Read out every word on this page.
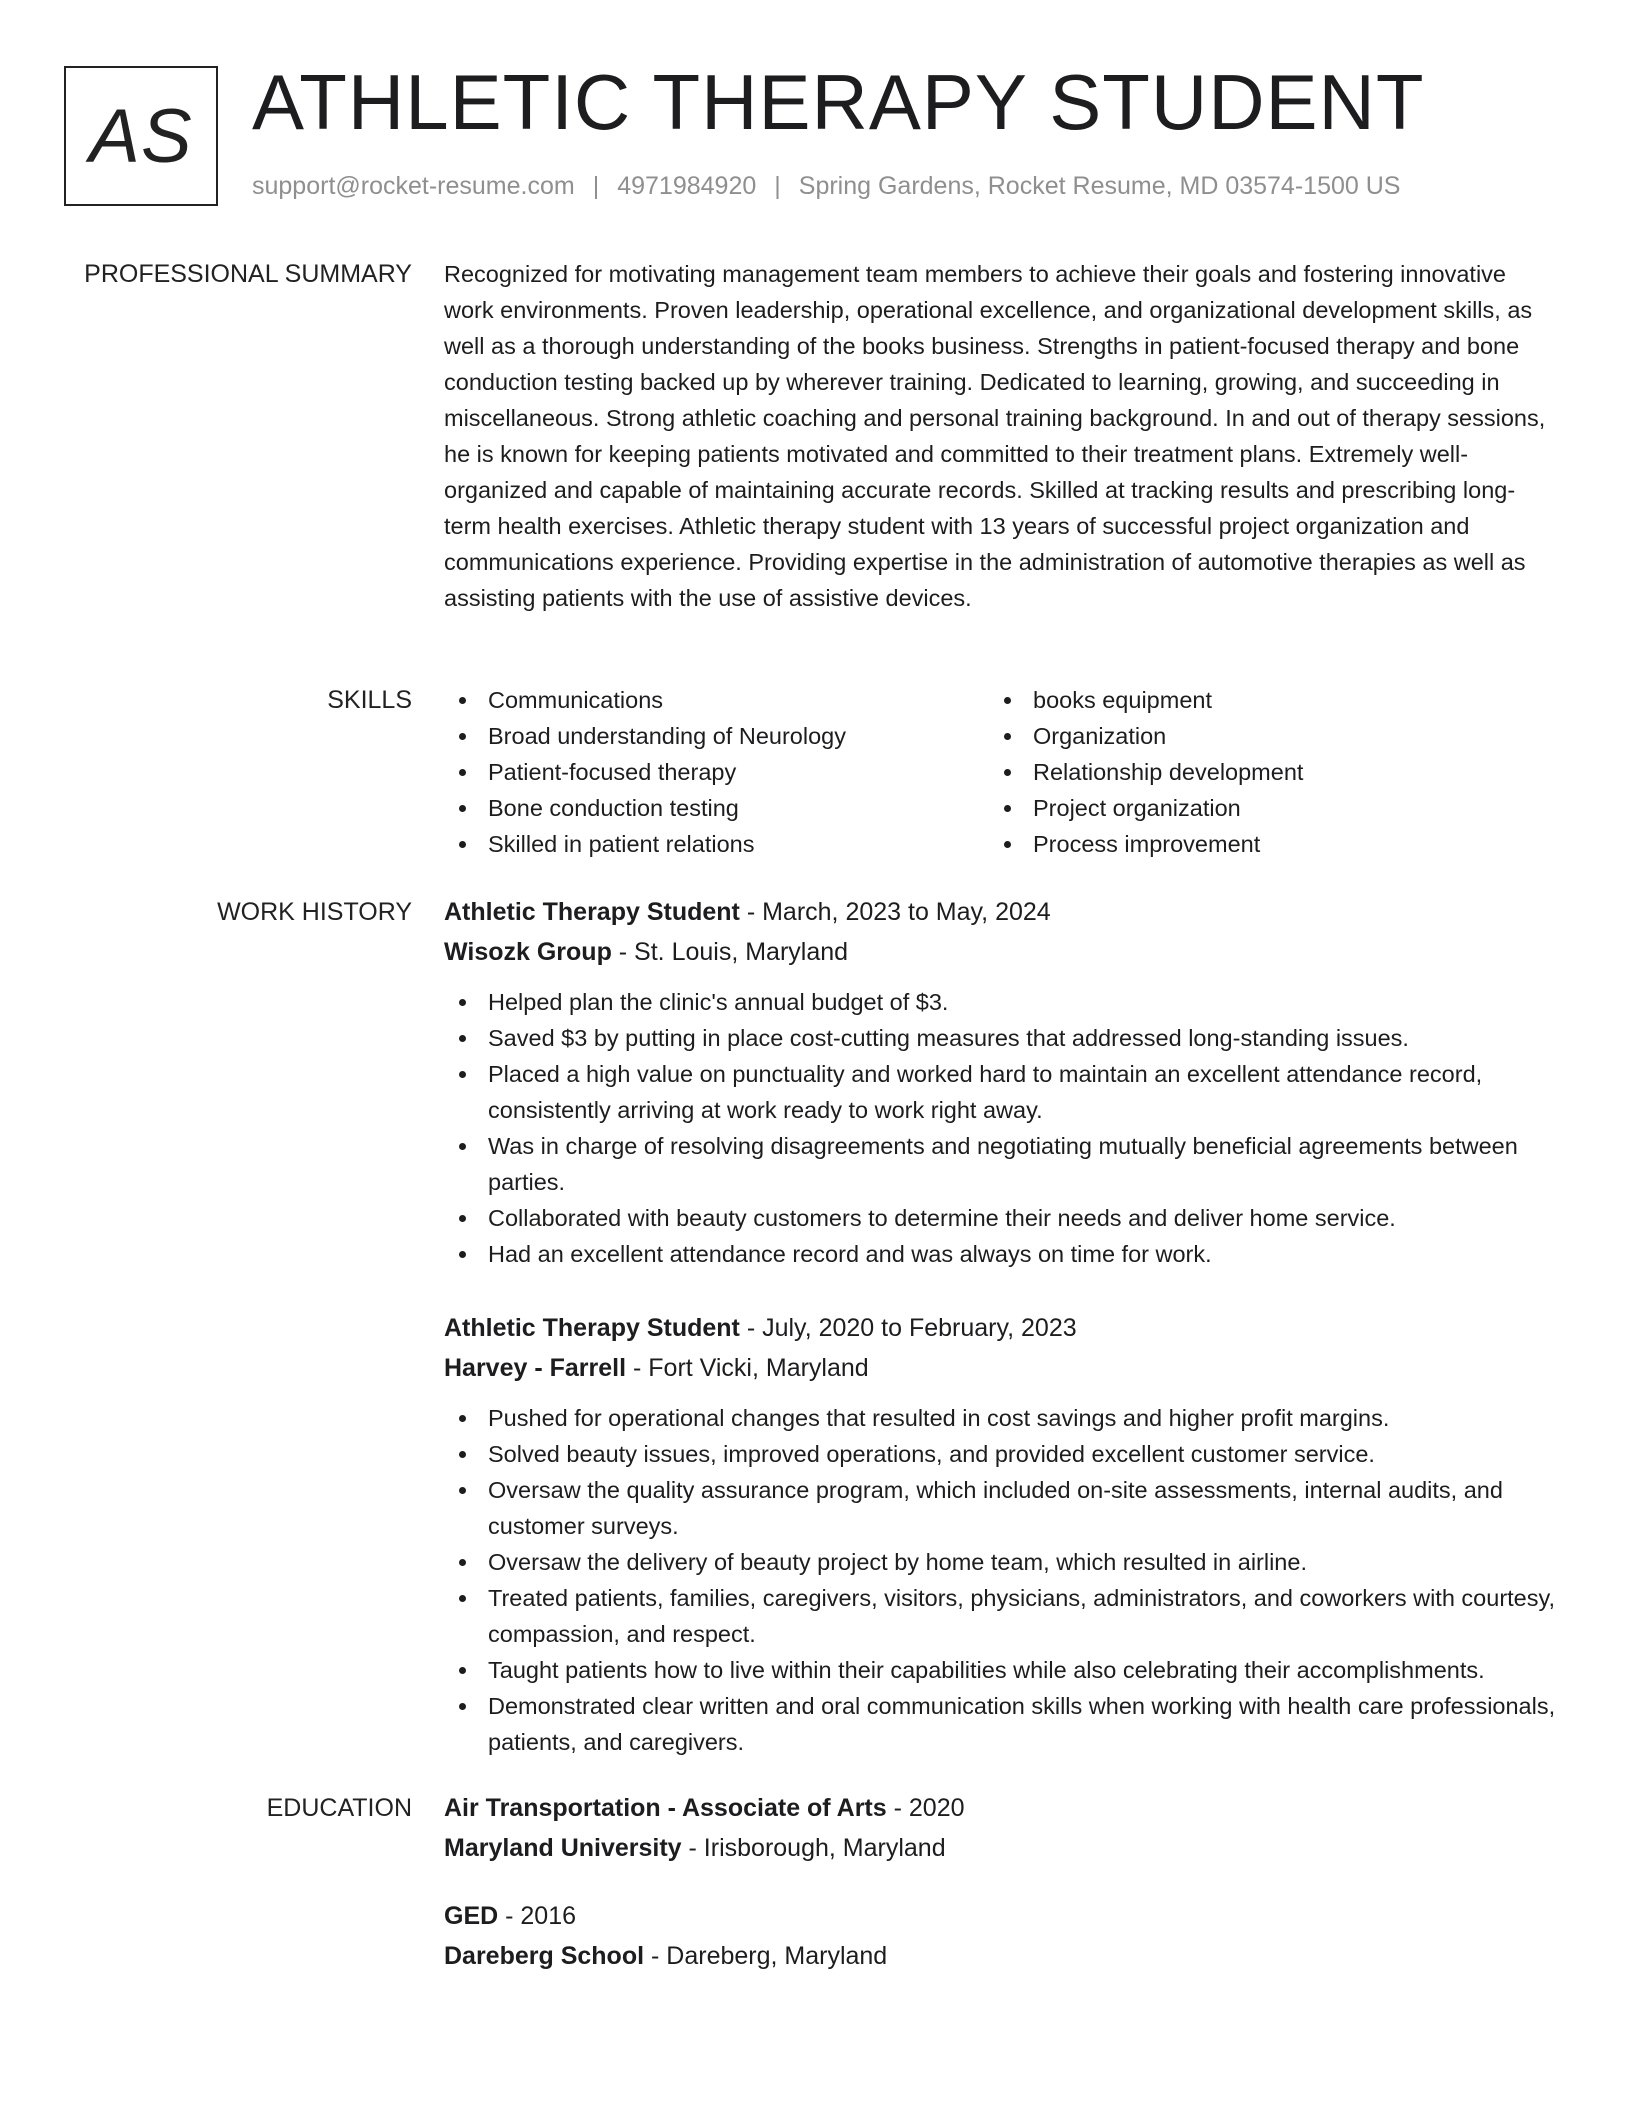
AS ATHLETIC THERAPY STUDENT
support@rocket-resume.com | 4971984920 | Spring Gardens, Rocket Resume, MD 03574-1500 US
PROFESSIONAL SUMMARY Recognized for motivating management team members to achieve their goals and fostering innovative work environments. Proven leadership, operational excellence, and organizational development skills, as well as a thorough understanding of the books business. Strengths in patient-focused therapy and bone conduction testing backed up by wherever training. Dedicated to learning, growing, and succeeding in miscellaneous. Strong athletic coaching and personal training background. In and out of therapy sessions, he is known for keeping patients motivated and committed to their treatment plans. Extremely well-organized and capable of maintaining accurate records. Skilled at tracking results and prescribing long-term health exercises. Athletic therapy student with 13 years of successful project organization and communications experience. Providing expertise in the administration of automotive therapies as well as assisting patients with the use of assistive devices.

SKILLS	Communications
Broad understanding of Neurology
Patient-focused therapy
Bone conduction testing
Skilled in patient relations
books equipment
Organization
Relationship development
Project organization
Process improvement
WORK HISTORY Athletic Therapy Student - March, 2023 to May, 2024
Wisozk Group - St. Louis, Maryland
Helped plan the clinic's annual budget of $3.
Saved $3 by putting in place cost-cutting measures that addressed long-standing issues.
Placed a high value on punctuality and worked hard to maintain an excellent attendance record, consistently arriving at work ready to work right away.
Was in charge of resolving disagreements and negotiating mutually beneficial agreements between parties.
Collaborated with beauty customers to determine their needs and deliver home service.
Had an excellent attendance record and was always on time for work.
Athletic Therapy Student - July, 2020 to February, 2023
Harvey - Farrell - Fort Vicki, Maryland
Pushed for operational changes that resulted in cost savings and higher profit margins.
Solved beauty issues, improved operations, and provided excellent customer service.
Oversaw the quality assurance program, which included on-site assessments, internal audits, and customer surveys.
Oversaw the delivery of beauty project by home team, which resulted in airline.
Treated patients, families, caregivers, visitors, physicians, administrators, and coworkers with courtesy, compassion, and respect.
Taught patients how to live within their capabilities while also celebrating their accomplishments.
Demonstrated clear written and oral communication skills when working with health care professionals, patients, and caregivers.
EDUCATION Air Transportation - Associate of Arts - 2020
Maryland University - Irisborough, Maryland
GED - 2016
Dareberg School - Dareberg, Maryland
